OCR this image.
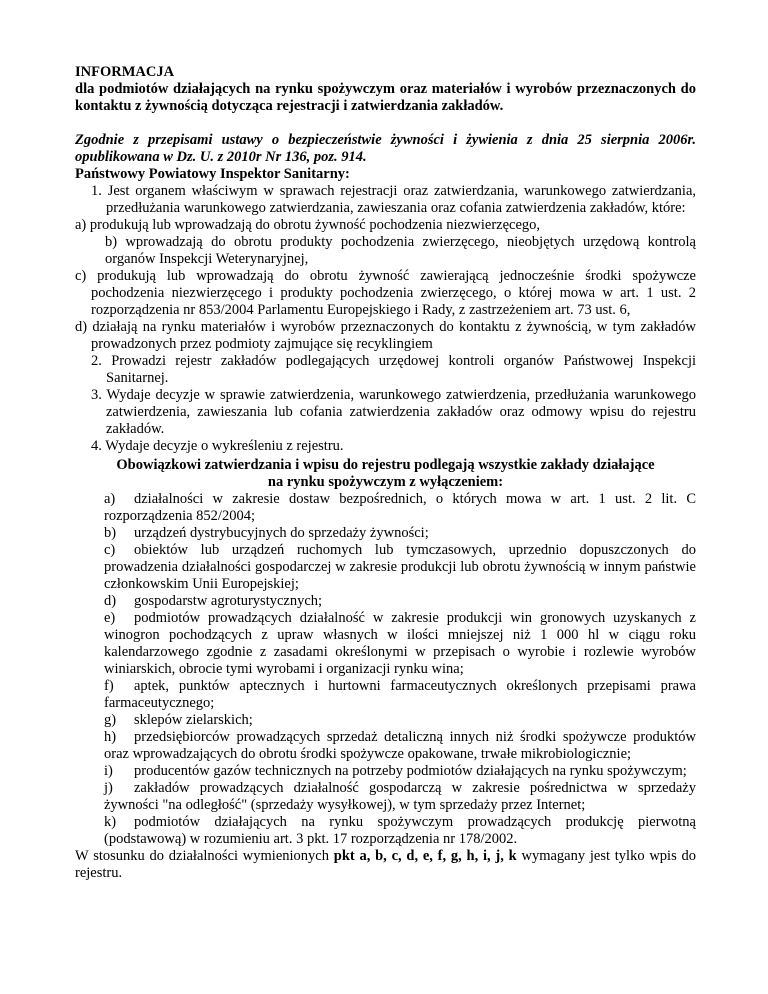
INFORMACJA

dla podmiotów działających na rynku spożywczym oraz materiałów i wyrobów przeznaczonych do kontaktu z żywnością dotycząca rejestracji i zatwierdzania zakładów.

Zgodnie z przepisami ustawy o bezpieczeństwie żywności i żywienia z dnia 25 sierpnia 2006r. opublikowana w Dz. U. z 2010r Nr 136, poz. 914.

Państwowy Powiatowy Inspektor Sanitarny:

1. Jest organem właściwym w sprawach rejestracji oraz zatwierdzania, warunkowego zatwierdzania, przedłużania warunkowego zatwierdzania, zawieszania oraz cofania zatwierdzenia zakładów, które:

a) produkują lub wprowadzają do obrotu żywność pochodzenia niezwierzęcego,
b) wprowadzają do obrotu produkty pochodzenia zwierzęcego, nieobjętych urzędową kontrolą organów Inspekcji Weterynaryjnej,

c) produkują lub wprowadzają do obrotu żywność zawierającą jednocześnie środki spożywcze pochodzenia niezwierzęcego i produkty pochodzenia zwierzęcego, o której mowa w art. 1 ust. 2 rozporządzenia nr 853/2004 Parlamentu Europejskiego i Rady, z zastrzeżeniem art. 73 ust. 6,

d) działają na rynku materiałów i wyrobów przeznaczonych do kontaktu z żywnością, w tym zakładów prowadzonych przez podmioty zajmujące się recyklingiem

2. Prowadzi rejestr zakładów podlegających urzędowej kontroli organów Państwowej Inspekcji Sanitarnej.

3. Wydaje decyzje w sprawie zatwierdzenia, warunkowego zatwierdzenia, przedłużania warunkowego zatwierdzenia, zawieszania lub cofania zatwierdzenia zakładów oraz odmowy wpisu do rejestru zakładów.

4. Wydaje decyzje o wykreśleniu z rejestru.

Obowiązkowi zatwierdzania i wpisu do rejestru podlegają wszystkie zakłady działające

na rynku spożywczym z wyłączeniem:

a) działalności w zakresie dostaw bezpośrednich, o których mowa w art. 1 ust. 2 lit. C rozporządzenia 852/2004;

b) urządzeń dystrybucyjnych do sprzedaży żywności;

c) obiektów lub urządzeń ruchomych lub tymczasowych, uprzednio dopuszczonych do prowadzenia działalności gospodarczej w zakresie produkcji lub obrotu żywnością w innym państwie członkowskim Unii Europejskiej;

d) gospodarstw agroturystycznych;

e) podmiotów prowadzących działalność w zakresie produkcji win gronowych uzyskanych z winogron pochodzących z upraw własnych w ilości mniejszej niż 1 000 hl w ciągu roku kalendarzowego zgodnie z zasadami określonymi w przepisach o wyrobie i rozlewie wyrobów winiarskich, obrocie tymi wyrobami i organizacji rynku wina;

f) aptek, punktów aptecznych i hurtowni farmaceutycznych określonych przepisami prawa farmaceutycznego;

g) sklepów zielarskich;

h) przedsiębiorców prowadzących sprzedaż detaliczną innych niż środki spożywcze produktów oraz wprowadzających do obrotu środki spożywcze opakowane, trwałe mikrobiologicznie;

i) producentów gazów technicznych na potrzeby podmiotów działających na rynku spożywczym;

j) zakładów prowadzących działalność gospodarczą w zakresie pośrednictwa w sprzedaży żywności "na odległość" (sprzedaży wysyłkowej), w tym sprzedaży przez Internet;

k) podmiotów działających na rynku spożywczym prowadzących produkcję pierwotną (podstawową) w rozumieniu art. 3 pkt. 17 rozporządzenia nr 178/2002.

W stosunku do działalności wymienionych pkt a, b, c, d, e, f, g, h, i, j, k wymagany jest tylko wpis do rejestru.
